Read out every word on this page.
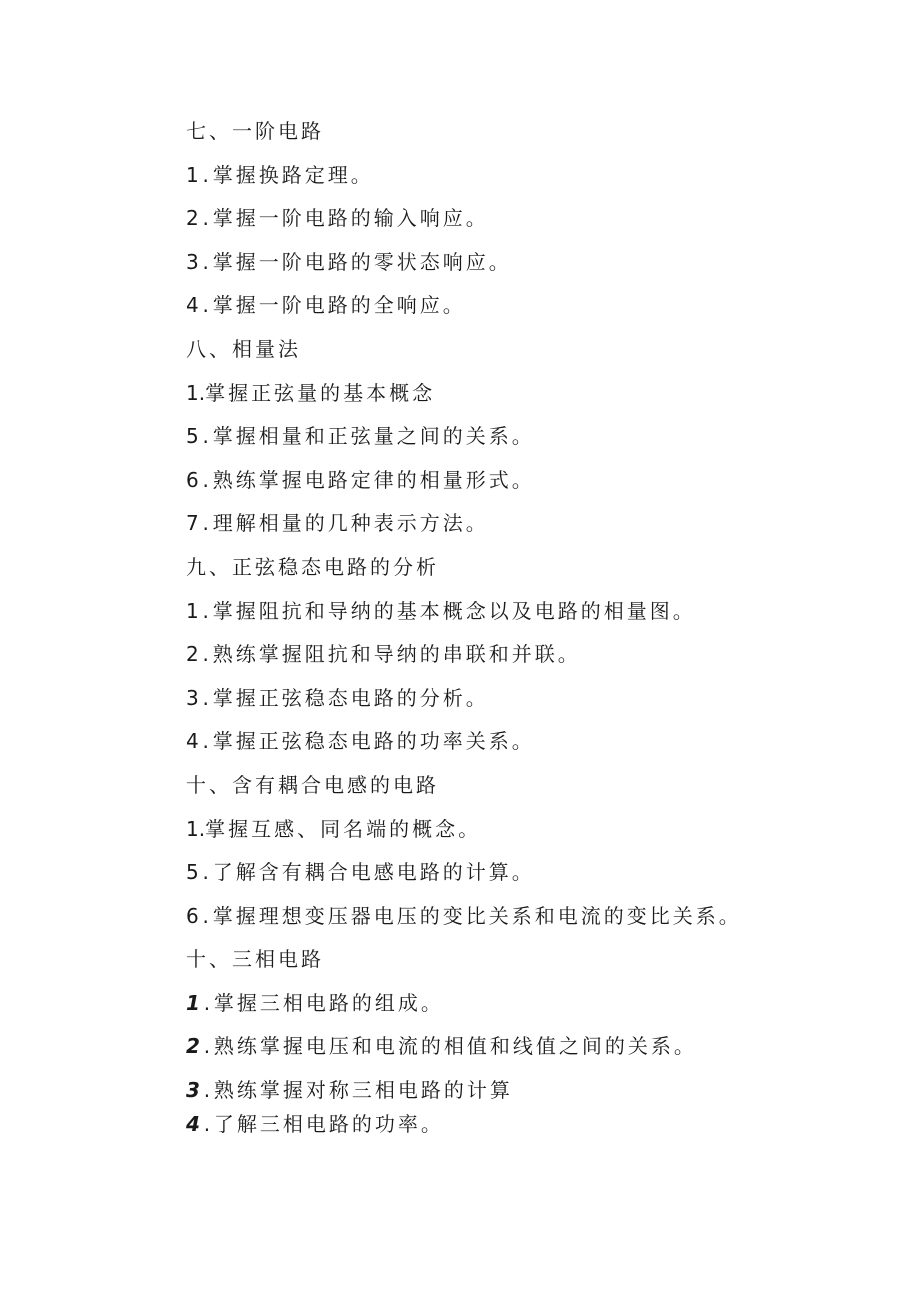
七、一阶电路
1 . 掌握换路定理。
2 . 掌握一阶电路的输入响应。
3 . 掌握一阶电路的零状态响应。
4 . 掌握一阶电路的全响应。
八、相量法
1.掌握正弦量的基本概念
5 . 掌握相量和正弦量之间的关系。
6 . 熟练掌握电路定律的相量形式。
7 . 理解相量的几种表示方法。
九、正弦稳态电路的分析
1 . 掌握阻抗和导纳的基本概念以及电路的相量图。
2 . 熟练掌握阻抗和导纳的串联和并联。
3 . 掌握正弦稳态电路的分析。
4 . 掌握正弦稳态电路的功率关系。
十、含有耦合电感的电路
1.掌握互感、同名端的概念。
5 . 了解含有耦合电感电路的计算。
6 . 掌握理想变压器电压的变比关系和电流的变比关系。
十、三相电路
1 . 掌握三相电路的组成。
2 . 熟练掌握电压和电流的相值和线值之间的关系。
3 . 熟练掌握对称三相电路的计算
4 . 了解三相电路的功率。
